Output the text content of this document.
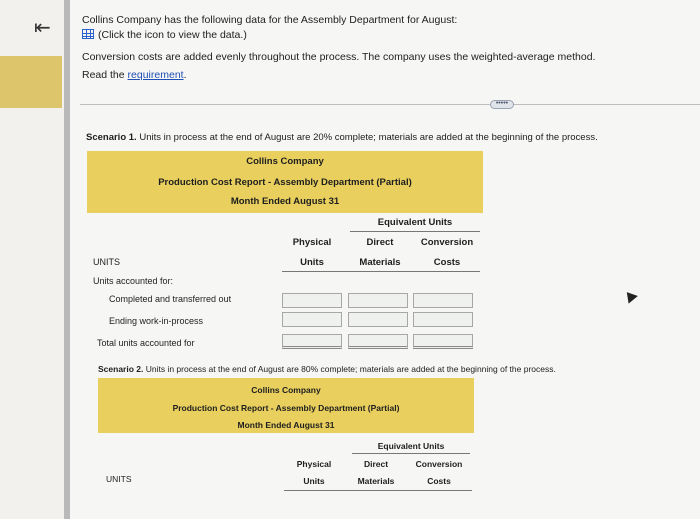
⇤	Collins Company has the following data for the Assembly Department for August:
(Click the icon to view the data.)
Conversion costs are added evenly throughout the process. The company uses the weighted-average method.
Read the requirement.
•••••
Scenario 1. Units in process at the end of August are 20% complete; materials are added at the beginning of the process.
Collins Company
Production Cost Report - Assembly Department (Partial)
Month Ended August 31
Equivalent Units
Physical	Direct	Conversion
Units	Materials	Costs
UNITS
Units accounted for:
Completed and transferred out
Ending work-in-process
Total units accounted for
Scenario 2. Units in process at the end of August are 80% complete; materials are added at the beginning of the process.
Collins Company
Production Cost Report - Assembly Department (Partial)
Month Ended August 31
Equivalent Units
Physical	Direct	Conversion
Units	Materials	Costs
UNITS
